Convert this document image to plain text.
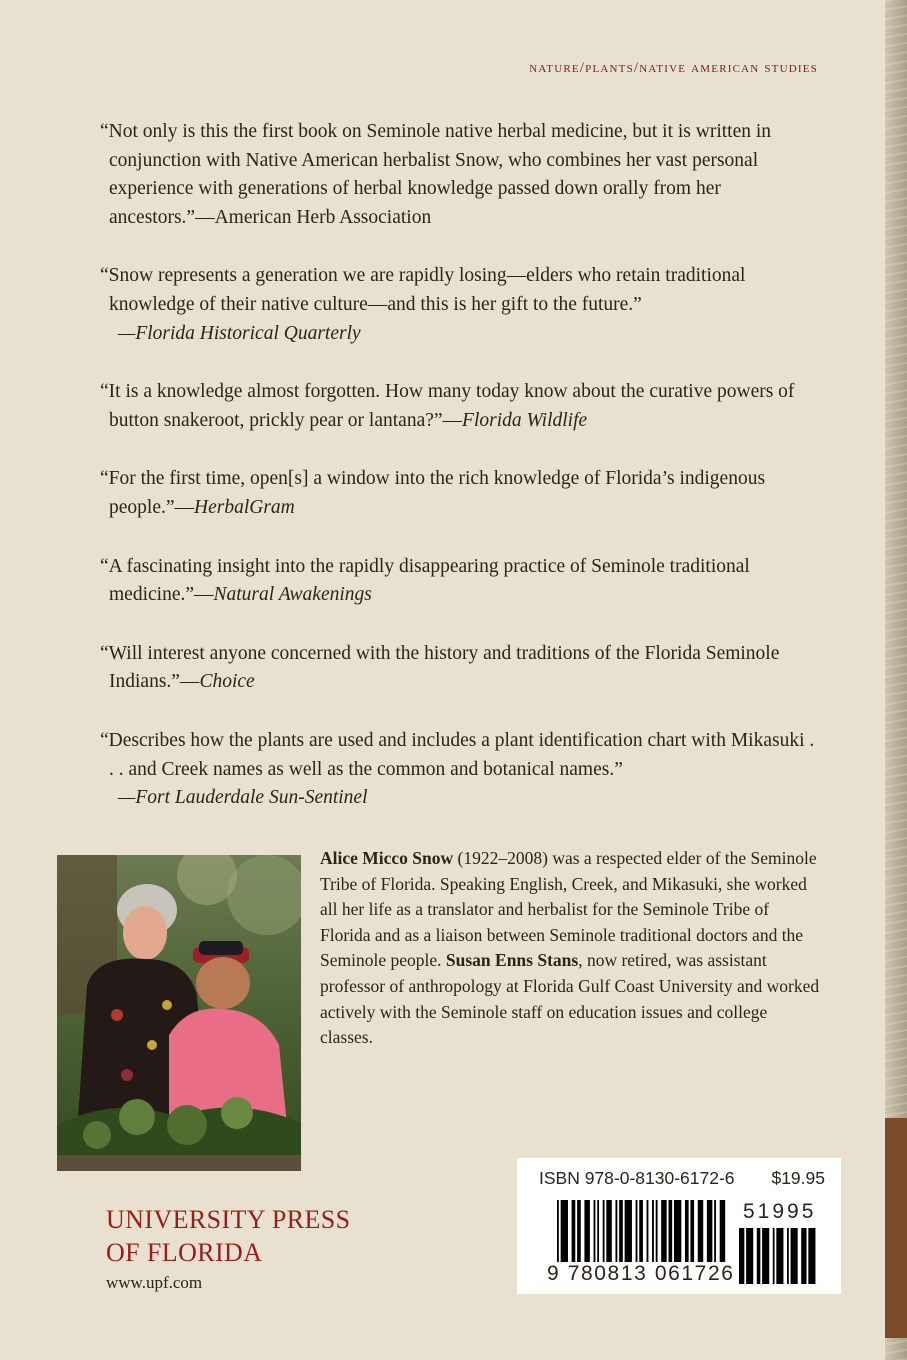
nature/plants/native american studies

“Not only is this the first book on Seminole native herbal medicine, but it is written in conjunction with Native American herbalist Snow, who combines her vast personal experience with generations of herbal knowledge passed down orally from her ancestors.”—American Herb Association

“Snow represents a generation we are rapidly losing—elders who retain traditional knowledge of their native culture—and this is her gift to the future.”
—Florida Historical Quarterly

“It is a knowledge almost forgotten. How many today know about the curative powers of button snakeroot, prickly pear or lantana?”—Florida Wildlife

“For the first time, open[s] a window into the rich knowledge of Florida’s indigenous people.”—HerbalGram

“A fascinating insight into the rapidly disappearing practice of Seminole traditional medicine.”—Natural Awakenings

“Will interest anyone concerned with the history and traditions of the Florida Seminole Indians.”—Choice

“Describes how the plants are used and includes a plant identification chart with Mikasuki . . . and Creek names as well as the common and botanical names.”
—Fort Lauderdale Sun-Sentinel

Alice Micco Snow (1922–2008) was a respected elder of the Seminole Tribe of Florida. Speaking English, Creek, and Mikasuki, she worked all her life as a translator and herbalist for the Seminole Tribe of Florida and as a liaison between Seminole traditional doctors and the Seminole people. Susan Enns Stans, now retired, was assistant professor of anthropology at Florida Gulf Coast University and worked actively with the Seminole staff on education issues and college classes.
UNIVERSITY PRESS
OF FLORIDA
www.upf.com
ISBN 978-0-8130-6172-6 $19.95
51995
9 780813 061726
